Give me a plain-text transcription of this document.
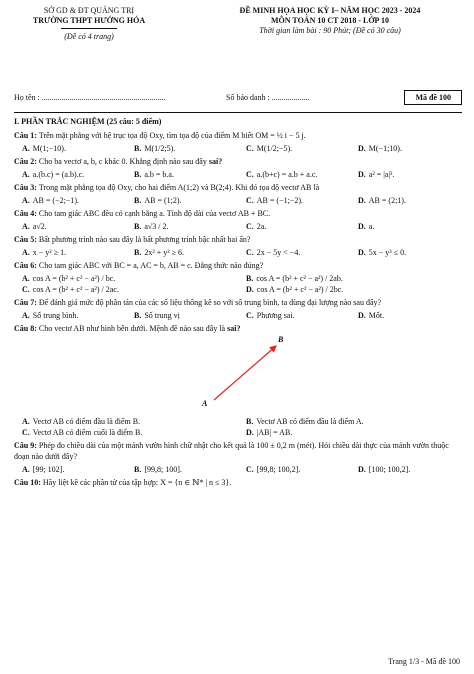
SỞ GD & ĐT QUẢNG TRỊ
TRƯỜNG THPT HƯỚNG HÓA
(Đề có 4 trang)
ĐỀ MINH HỌA HỌC KỲ I– NĂM HỌC 2023 - 2024
MÔN TOÁN 10 CT 2018 - LỚP 10
Thời gian làm bài : 90 Phút; (Đề có 30 câu)
Họ tên : ..............................................................	Số báo danh : ...................	Mã đề 100
I. PHẦN TRẮC NGHIỆM (25 câu: 5 điểm)
Câu 1: Trên mặt phẳng với hệ trục tọa độ Oxy, tìm tọa độ của điểm M biết OM = ½ i − 5 j.
A. M(1;−10).	B. M(1/2;5).	C. M(1/2;−5).	D. M(−1;10).
Câu 2: Cho ba vectơ a, b, c khác 0. Khẳng định nào sau đây sai?
A. a.(b.c) = (a.b).c.	B. a.b = b.a.	C. a.(b+c) = a.b + a.c.	D. a² = |a|².
Câu 3: Trong mặt phẳng tọa độ Oxy, cho hai điểm A(1;2) và B(2;4). Khi đó tọa độ vectơ AB là
A. AB = (−2;−1).	B. AB = (1;2).	C. AB = (−1;−2).	D. AB = (2;1).
Câu 4: Cho tam giác ABC đều có cạnh bằng a. Tính độ dài của vectơ AB + BC.
A. a√2.	B. a√3 / 2.	C. 2a.	D. a.
Câu 5: Bất phương trình nào sau đây là bất phương trình bậc nhất hai ẩn?
A. x − y² ≥ 1.	B. 2x² + y² ≥ 6.	C. 2x − 5y < −4.	D. 5x − y³ ≤ 0.
Câu 6: Cho tam giác ABC với BC = a, AC = b, AB = c. Đẳng thức nào đúng?
A. cos A = (b² + c² − a²) / bc.	B. cos A = (b² + c² − a²) / 2ab.
C. cos A = (b² + c² − a²) / 2ac.	D. cos A = (b² + c² − a²) / 2bc.
Câu 7: Để đánh giá mức độ phân tán của các số liệu thống kê so với số trung bình, ta dùng đại lượng nào sau đây?
A. Số trung bình.	B. Số trung vị	C. Phương sai.	D. Mốt.
Câu 8: Cho vectơ AB như hình bên dưới. Mệnh đề nào sau đây là sai?
A
B
A. Vectơ AB có điểm đầu là điểm B.	B. Vectơ AB có điểm đầu là điểm A.
C. Vectơ AB có điểm cuối là điểm B.	D. |AB| = AB.
Câu 9: Phép đo chiều dài của một mảnh vườn hình chữ nhật cho kết quả là 100 ± 0,2 m (mét). Hỏi chiều dài thực của mảnh vườn thuộc đoạn nào dưới đây?
A. [99; 102].	B. [99,8; 100].	C. [99,8; 100,2].	D. [100; 100,2].
Câu 10: Hãy liệt kê các phần tử của tập hợp: X = {n ∈ ℕ* | n ≤ 3}.
Trang 1/3 - Mã đề 100
